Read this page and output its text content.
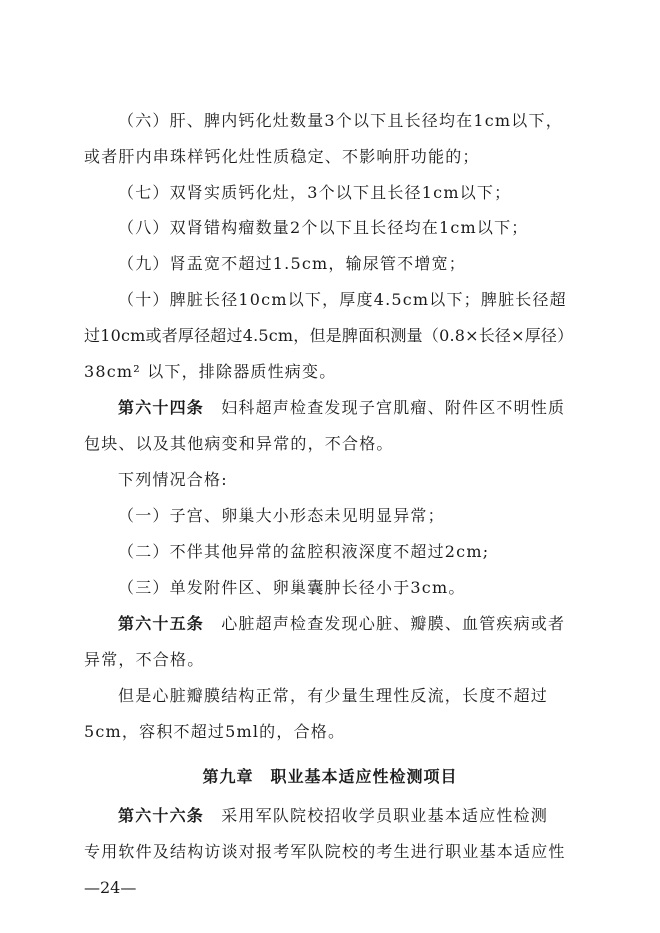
（六）肝、脾内钙化灶数量3个以下且长径均在1cm以下，

或者肝内串珠样钙化灶性质稳定、不影响肝功能的；

（七）双肾实质钙化灶，3个以下且长径1cm以下；

（八）双肾错构瘤数量2个以下且长径均在1cm以下；

（九）肾盂宽不超过1.5cm，输尿管不增宽；

（十）脾脏长径10cm以下，厚度4.5cm以下；脾脏长径超

过10cm或者厚径超过4.5cm，但是脾面积测量（0.8×长径×厚径）

38cm² 以下，排除器质性病变。

第六十四条　 妇科超声检查发现子宫肌瘤、附件区不明性质

包块、以及其他病变和异常的，不合格。

下列情况合格:

（一）子宫、卵巢大小形态未见明显异常；

（二）不伴其他异常的盆腔积液深度不超过2cm;

（三）单发附件区、卵巢囊肿长径小于3cm。

第六十五条　 心脏超声检查发现心脏、瓣膜、血管疾病或者

异常，不合格。

但是心脏瓣膜结构正常，有少量生理性反流，长度不超过

5cm，容积不超过5ml的，合格。

第九章　职业基本适应性检测项目

第六十六条　 采用军队院校招收学员职业基本适应性检测

专用软件及结构访谈对报考军队院校的考生进行职业基本适应性

—24—
